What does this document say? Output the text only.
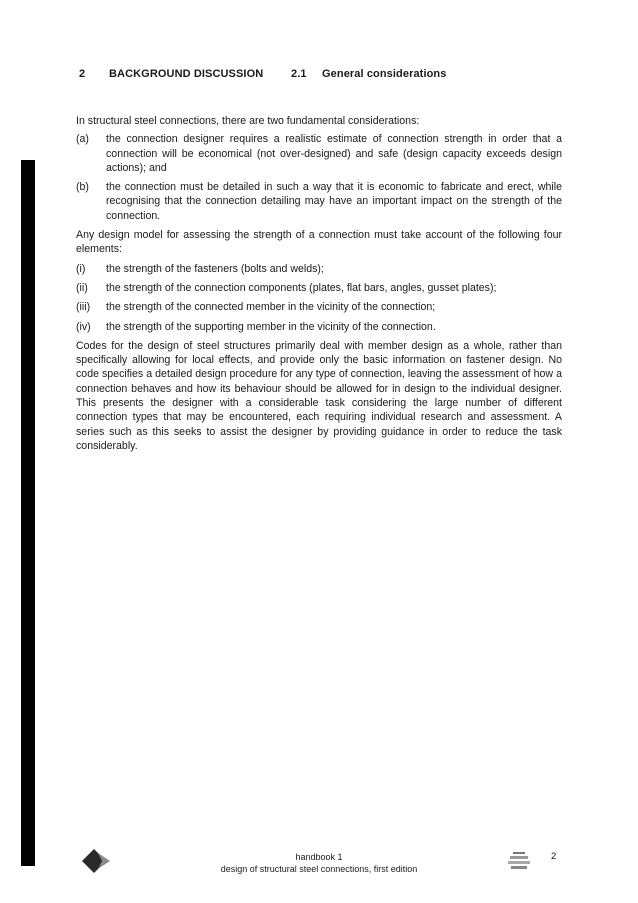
2 BACKGROUND DISCUSSION	2.1 General considerations

In structural steel connections, there are two fundamental considerations:

(a)	the connection designer requires a realistic estimate of connection strength in order that a connection will be economical (not over-designed) and safe (design capacity exceeds design actions); and
(b)	the connection must be detailed in such a way that it is economic to fabricate and erect, while recognising that the connection detailing may have an important impact on the strength of the connection.

Any design model for assessing the strength of a connection must take account of the following four elements:

(i)	the strength of the fasteners (bolts and welds);
(ii)	the strength of the connection components (plates, flat bars, angles, gusset plates);
(iii)	the strength of the connected member in the vicinity of the connection;
(iv)	the strength of the supporting member in the vicinity of the connection.

Codes for the design of steel structures primarily deal with member design as a whole, rather than specifically allowing for local effects, and provide only the basic information on fastener design. No code specifies a detailed design procedure for any type of connection, leaving the assessment of how a connection behaves and how its behaviour should be allowed for in design to the individual designer. This presents the designer with a considerable task considering the large number of different connection types that may be encountered, each requiring individual research and assessment. A series such as this seeks to assist the designer by providing guidance in order to reduce the task considerably.

handbook 1
design of structural steel connections, first edition
2
